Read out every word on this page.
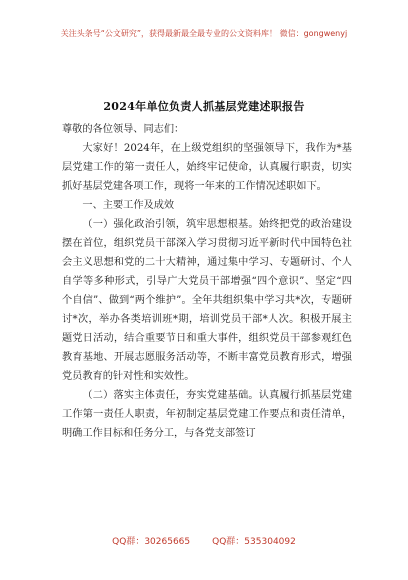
关注头条号“公文研究”，获得最新最全最专业的公文资料库！ 微信：gongwenyj
2024年单位负责人抓基层党建述职报告
尊敬的各位领导、同志们：

大家好！2024年，在上级党组织的坚强领导下，我作为*基层党建工作的第一责任人，始终牢记使命，认真履行职责，切实抓好基层党建各项工作，现将一年来的工作情况述职如下。

一、主要工作及成效

（一）强化政治引领，筑牢思想根基。始终把党的政治建设摆在首位，组织党员干部深入学习贯彻习近平新时代中国特色社会主义思想和党的二十大精神，通过集中学习、专题研讨、个人自学等多种形式，引导广大党员干部增强“四个意识”、坚定“四个自信”、做到“两个维护”。全年共组织集中学习共*次，专题研讨*次，举办各类培训班*期，培训党员干部*人次。积极开展主题党日活动，结合重要节日和重大事件，组织党员干部参观红色教育基地、开展志愿服务活动等，不断丰富党员教育形式，增强党员教育的针对性和实效性。

（二）落实主体责任，夯实党建基础。认真履行抓基层党建工作第一责任人职责，年初制定基层党建工作要点和责任清单，明确工作目标和任务分工，与各党支部签订

QQ群：30265665 QQ群：535304092
